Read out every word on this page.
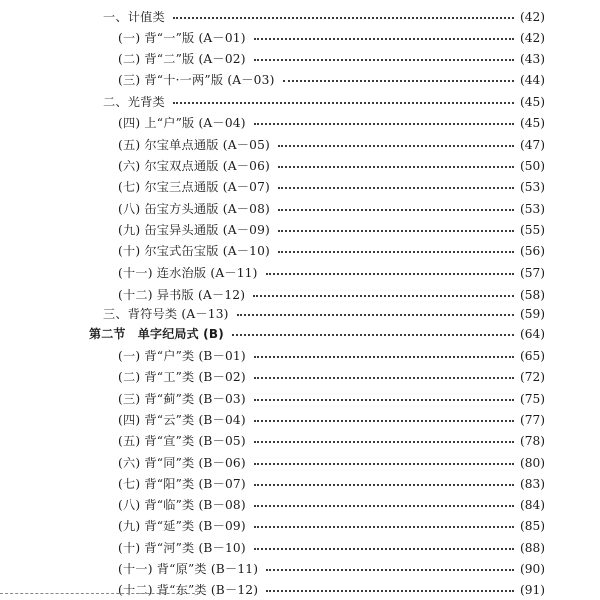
一、计值类	(42)
(一) 背“一”版 (A－01)	(42)
(二) 背“二”版 (A－02)	(43)
(三) 背“十·一两”版 (A－03)	(44)
二、光背类	(45)
(四) 上“户”版 (A－04)	(45)
(五) 尔宝单点通版 (A－05)	(47)
(六) 尔宝双点通版 (A－06)	(50)
(七) 尔宝三点通版 (A－07)	(53)
(八) 缶宝方头通版 (A－08)	(53)
(九) 缶宝异头通版 (A－09)	(55)
(十) 尔宝式缶宝版 (A－10)	(56)
(十一) 连水治版 (A－11)	(57)
(十二) 异书版 (A－12)	(58)
三、背符号类 (A－13)	(59)
第二节　单字纪局式 (B)	(64)
(一) 背“户”类 (B－01)	(65)
(二) 背“工”类 (B－02)	(72)
(三) 背“蓟”类 (B－03)	(75)
(四) 背“云”类 (B－04)	(77)
(五) 背“宣”类 (B－05)	(78)
(六) 背“同”类 (B－06)	(80)
(七) 背“阳”类 (B－07)	(83)
(八) 背“临”类 (B－08)	(84)
(九) 背“延”类 (B－09)	(85)
(十) 背“河”类 (B－10)	(88)
(十一) 背“原”类 (B－11)	(90)
(十二) 背“东”类 (B－12)	(91)
